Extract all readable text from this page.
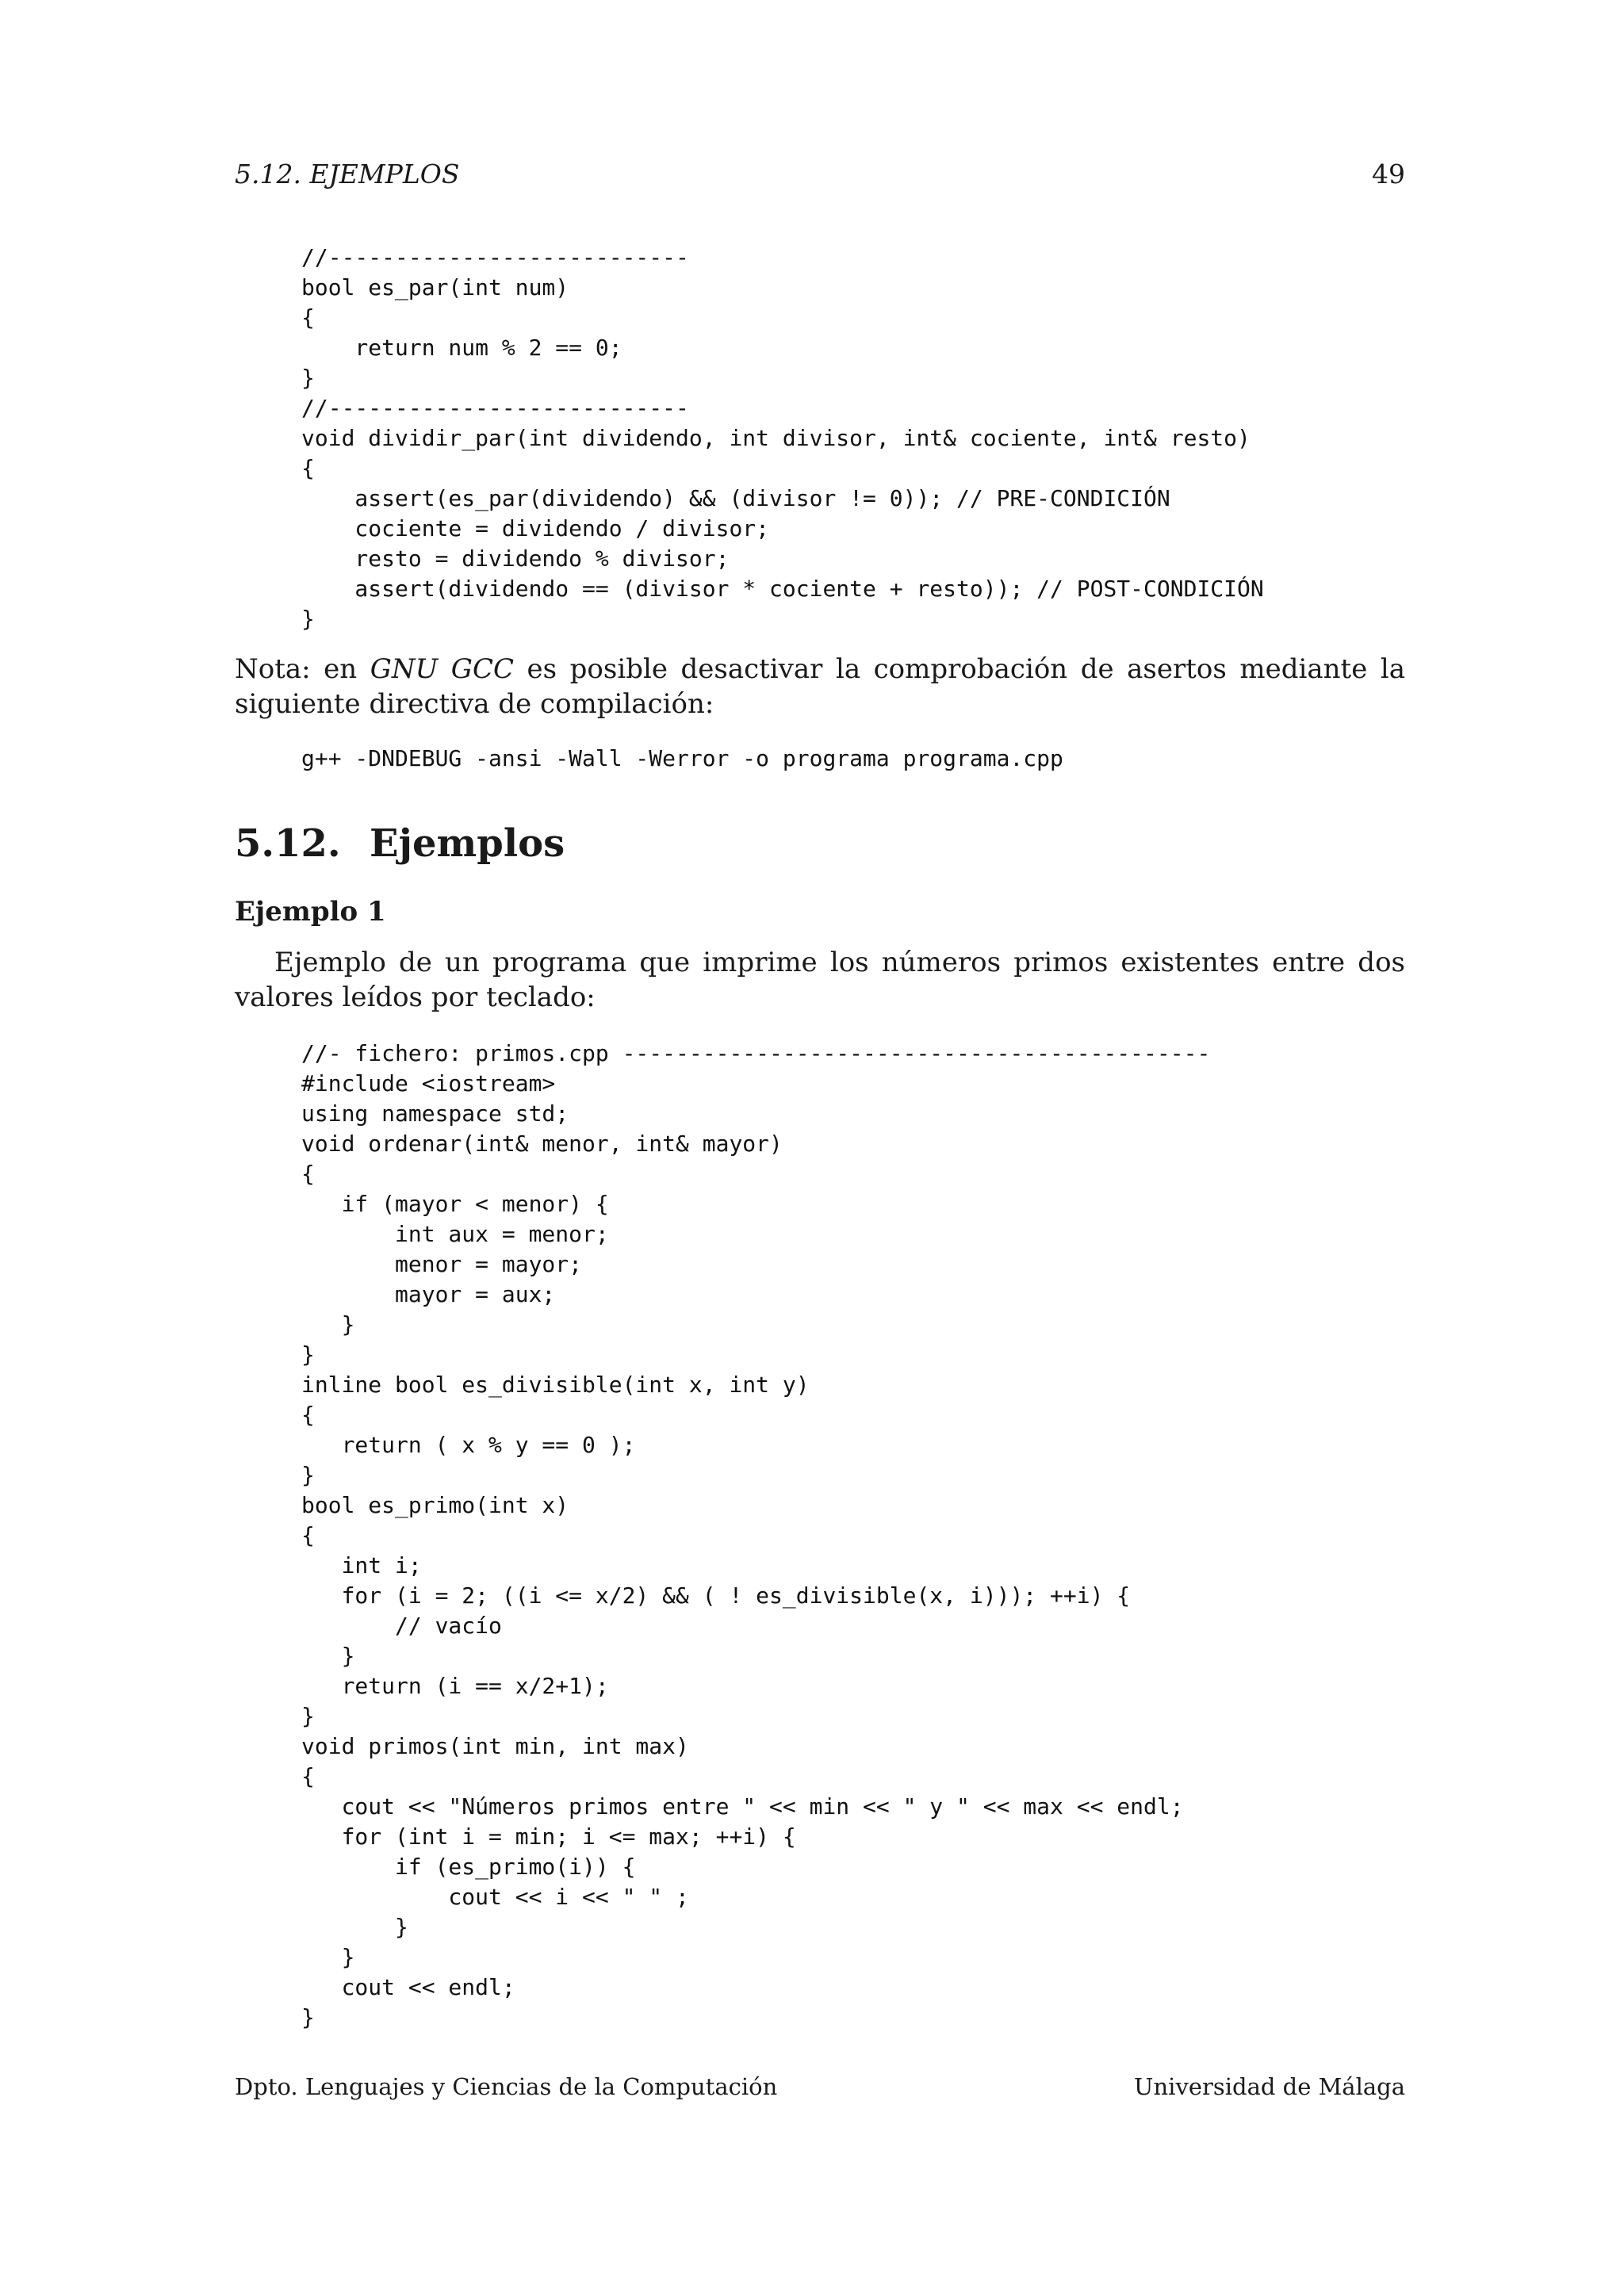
5.12. EJEMPLOS	49
//---------------------------
bool es_par(int num)
{
return num % 2 == 0;
}
//---------------------------
void dividir_par(int dividendo, int divisor, int& cociente, int& resto)
{
assert(es_par(dividendo) && (divisor != 0)); // PRE-CONDICIÓN
cociente = dividendo / divisor;
resto = dividendo % divisor;
assert(dividendo == (divisor * cociente + resto)); // POST-CONDICIÓN
}
Nota: en GNU GCC es posible desactivar la comprobación de asertos mediante la siguiente directiva de compilación:
g++ -DNDEBUG -ansi -Wall -Werror -o programa programa.cpp
5.12. Ejemplos
Ejemplo 1
Ejemplo de un programa que imprime los números primos existentes entre dos valores leídos por teclado:
//- fichero: primos.cpp --------------------------------------------
#include <iostream>
using namespace std;
void ordenar(int& menor, int& mayor)
{
if (mayor < menor) {
int aux = menor;
menor = mayor;
mayor = aux;
}
}
inline bool es_divisible(int x, int y)
{
return ( x % y == 0 );
}
bool es_primo(int x)
{
int i;
for (i = 2; ((i <= x/2) && ( ! es_divisible(x, i))); ++i) {
// vacío
}
return (i == x/2+1);
}
void primos(int min, int max)
{
cout << "Números primos entre " << min << " y " << max << endl;
for (int i = min; i <= max; ++i) {
if (es_primo(i)) {
cout << i << " " ;
}
}
cout << endl;
}
Dpto. Lenguajes y Ciencias de la Computación	Universidad de Málaga
